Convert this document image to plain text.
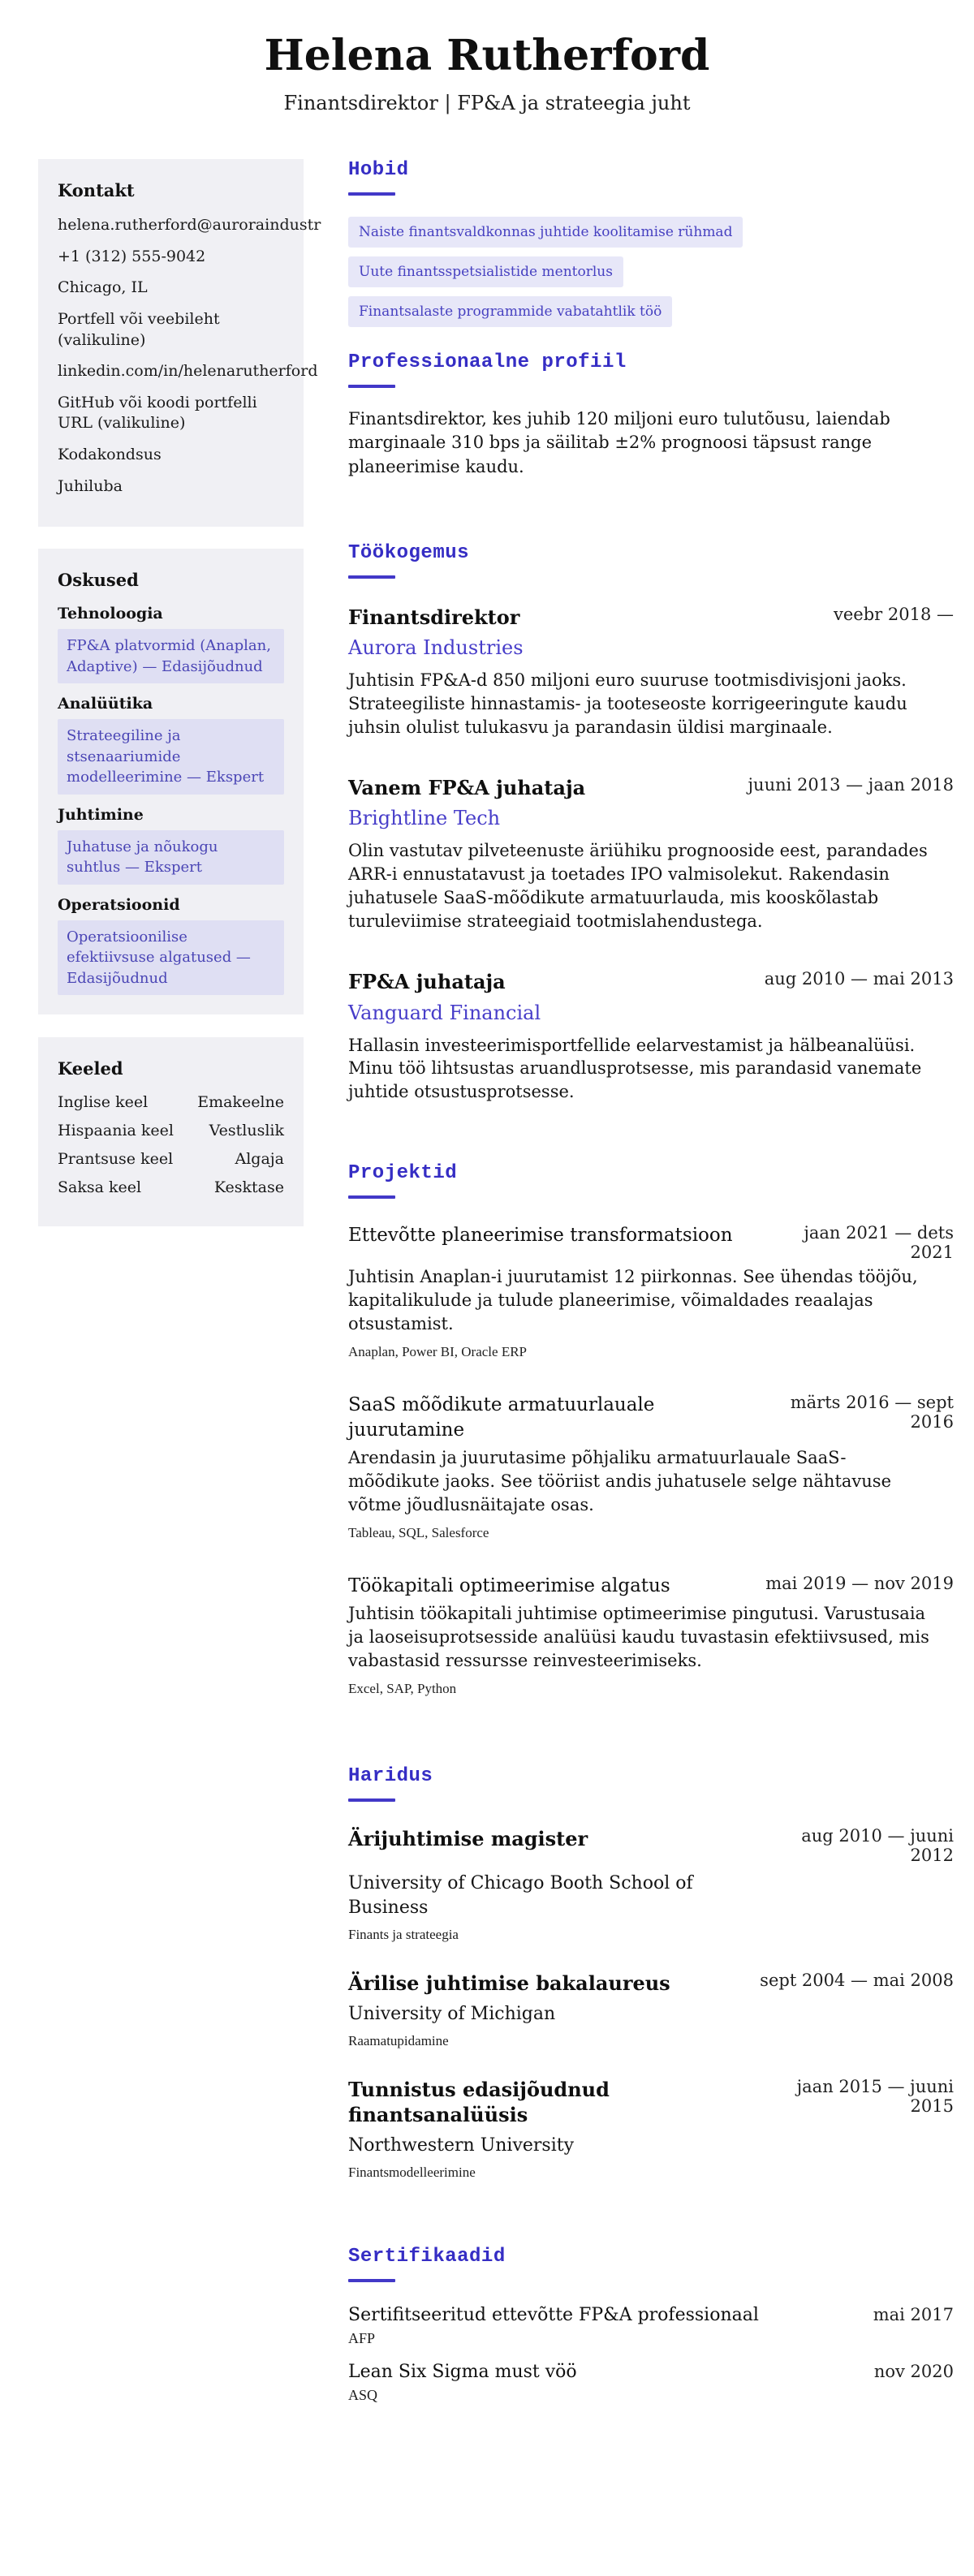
Helena Rutherford
Finantsdirektor | FP&A ja strateegia juht
Kontakt
helena.rutherford@auroraindustr
+1 (312) 555-9042
Chicago, IL
Portfell või veebileht (valikuline)
linkedin.com/in/helenarutherford
GitHub või koodi portfelli URL (valikuline)
Kodakondsus
Juhiluba
Oskused
Tehnoloogia
FP&A platvormid (Anaplan, Adaptive) — Edasijõudnud
Analüütika
Strateegiline ja stsenaariumide modelleerimine — Ekspert
Juhtimine
Juhatuse ja nõukogu suhtlus — Ekspert
Operatsioonid
Operatsioonilise efektiivsuse algatused — Edasijõudnud
Keeled
Inglise keel	Emakeelne
Hispaania keel Vestluslik
Prantsuse keel	Algaja
Saksa keel	Kesktase
Hobid
Naiste finantsvaldkonnas juhtide koolitamise rühmad
Uute finantsspetsialistide mentorlus
Finantsalaste programmide vabatahtlik töö
Professionaalne profiil
Finantsdirektor, kes juhib 120 miljoni euro tulutõusu, laiendab marginaale 310 bps ja säilitab ±2% prognoosi täpsust range planeerimise kaudu.
Töökogemus
Finantsdirektor	veebr 2018 —
Aurora Industries
Juhtisin FP&A-d 850 miljoni euro suuruse tootmisdivisjoni jaoks. Strateegiliste hinnastamis- ja tooteseoste korrigeeringute kaudu juhsin olulist tulukasvu ja parandasin üldisi marginaale.
Vanem FP&A juhataja	juuni 2013 — jaan 2018
Brightline Tech
Olin vastutav pilveteenuste äriühiku prognooside eest, parandades ARR-i ennustatavust ja toetades IPO valmisolekut. Rakendasin juhatusele SaaS-mõõdikute armatuurlauda, mis kooskõlastab turuleviimise strateegiaid tootmislahendustega.
FP&A juhataja	aug 2010 — mai 2013
Vanguard Financial
Hallasin investeerimisportfellide eelarvestamist ja hälbeanalüüsi. Minu töö lihtsustas aruandlusprotsesse, mis parandasid vanemate juhtide otsustusprotsesse.
Projektid
Ettevõtte planeerimise transformatsioon	jaan 2021 — dets 2021
Juhtisin Anaplan-i juurutamist 12 piirkonnas. See ühendas tööjõu, kapitalikulude ja tulude planeerimise, võimaldades reaalajas otsustamist.
Anaplan, Power BI, Oracle ERP
SaaS mõõdikute armatuurlauale juurutamine
märts 2016 — sept 2016
Arendasin ja juurutasime põhjaliku armatuurlauale SaaS-mõõdikute jaoks. See tööriist andis juhatusele selge nähtavuse võtme jõudlusnäitajate osas.
Tableau, SQL, Salesforce
Töökapitali optimeerimise algatus	mai 2019 — nov 2019
Juhtisin töökapitali juhtimise optimeerimise pingutusi. Varustusaia ja laoseisuprotsesside analüüsi kaudu tuvastasin efektiivsused, mis vabastasid ressursse reinvesteerimiseks.
Excel, SAP, Python
Haridus
Ärijuhtimise magister	aug 2010 — juuni 2012
University of Chicago Booth School of Business
Finants ja strateegia
Ärilise juhtimise bakalaureus	sept 2004 — mai 2008
University of Michigan
Raamatupidamine
Tunnistus edasijõudnud finantsanalüüsis
jaan 2015 — juuni 2015
Northwestern University
Finantsmodelleerimine
Sertifikaadid
Sertifitseeritud ettevõtte FP&A professionaal	mai 2017
AFP
Lean Six Sigma must vöö	nov 2020
ASQ
